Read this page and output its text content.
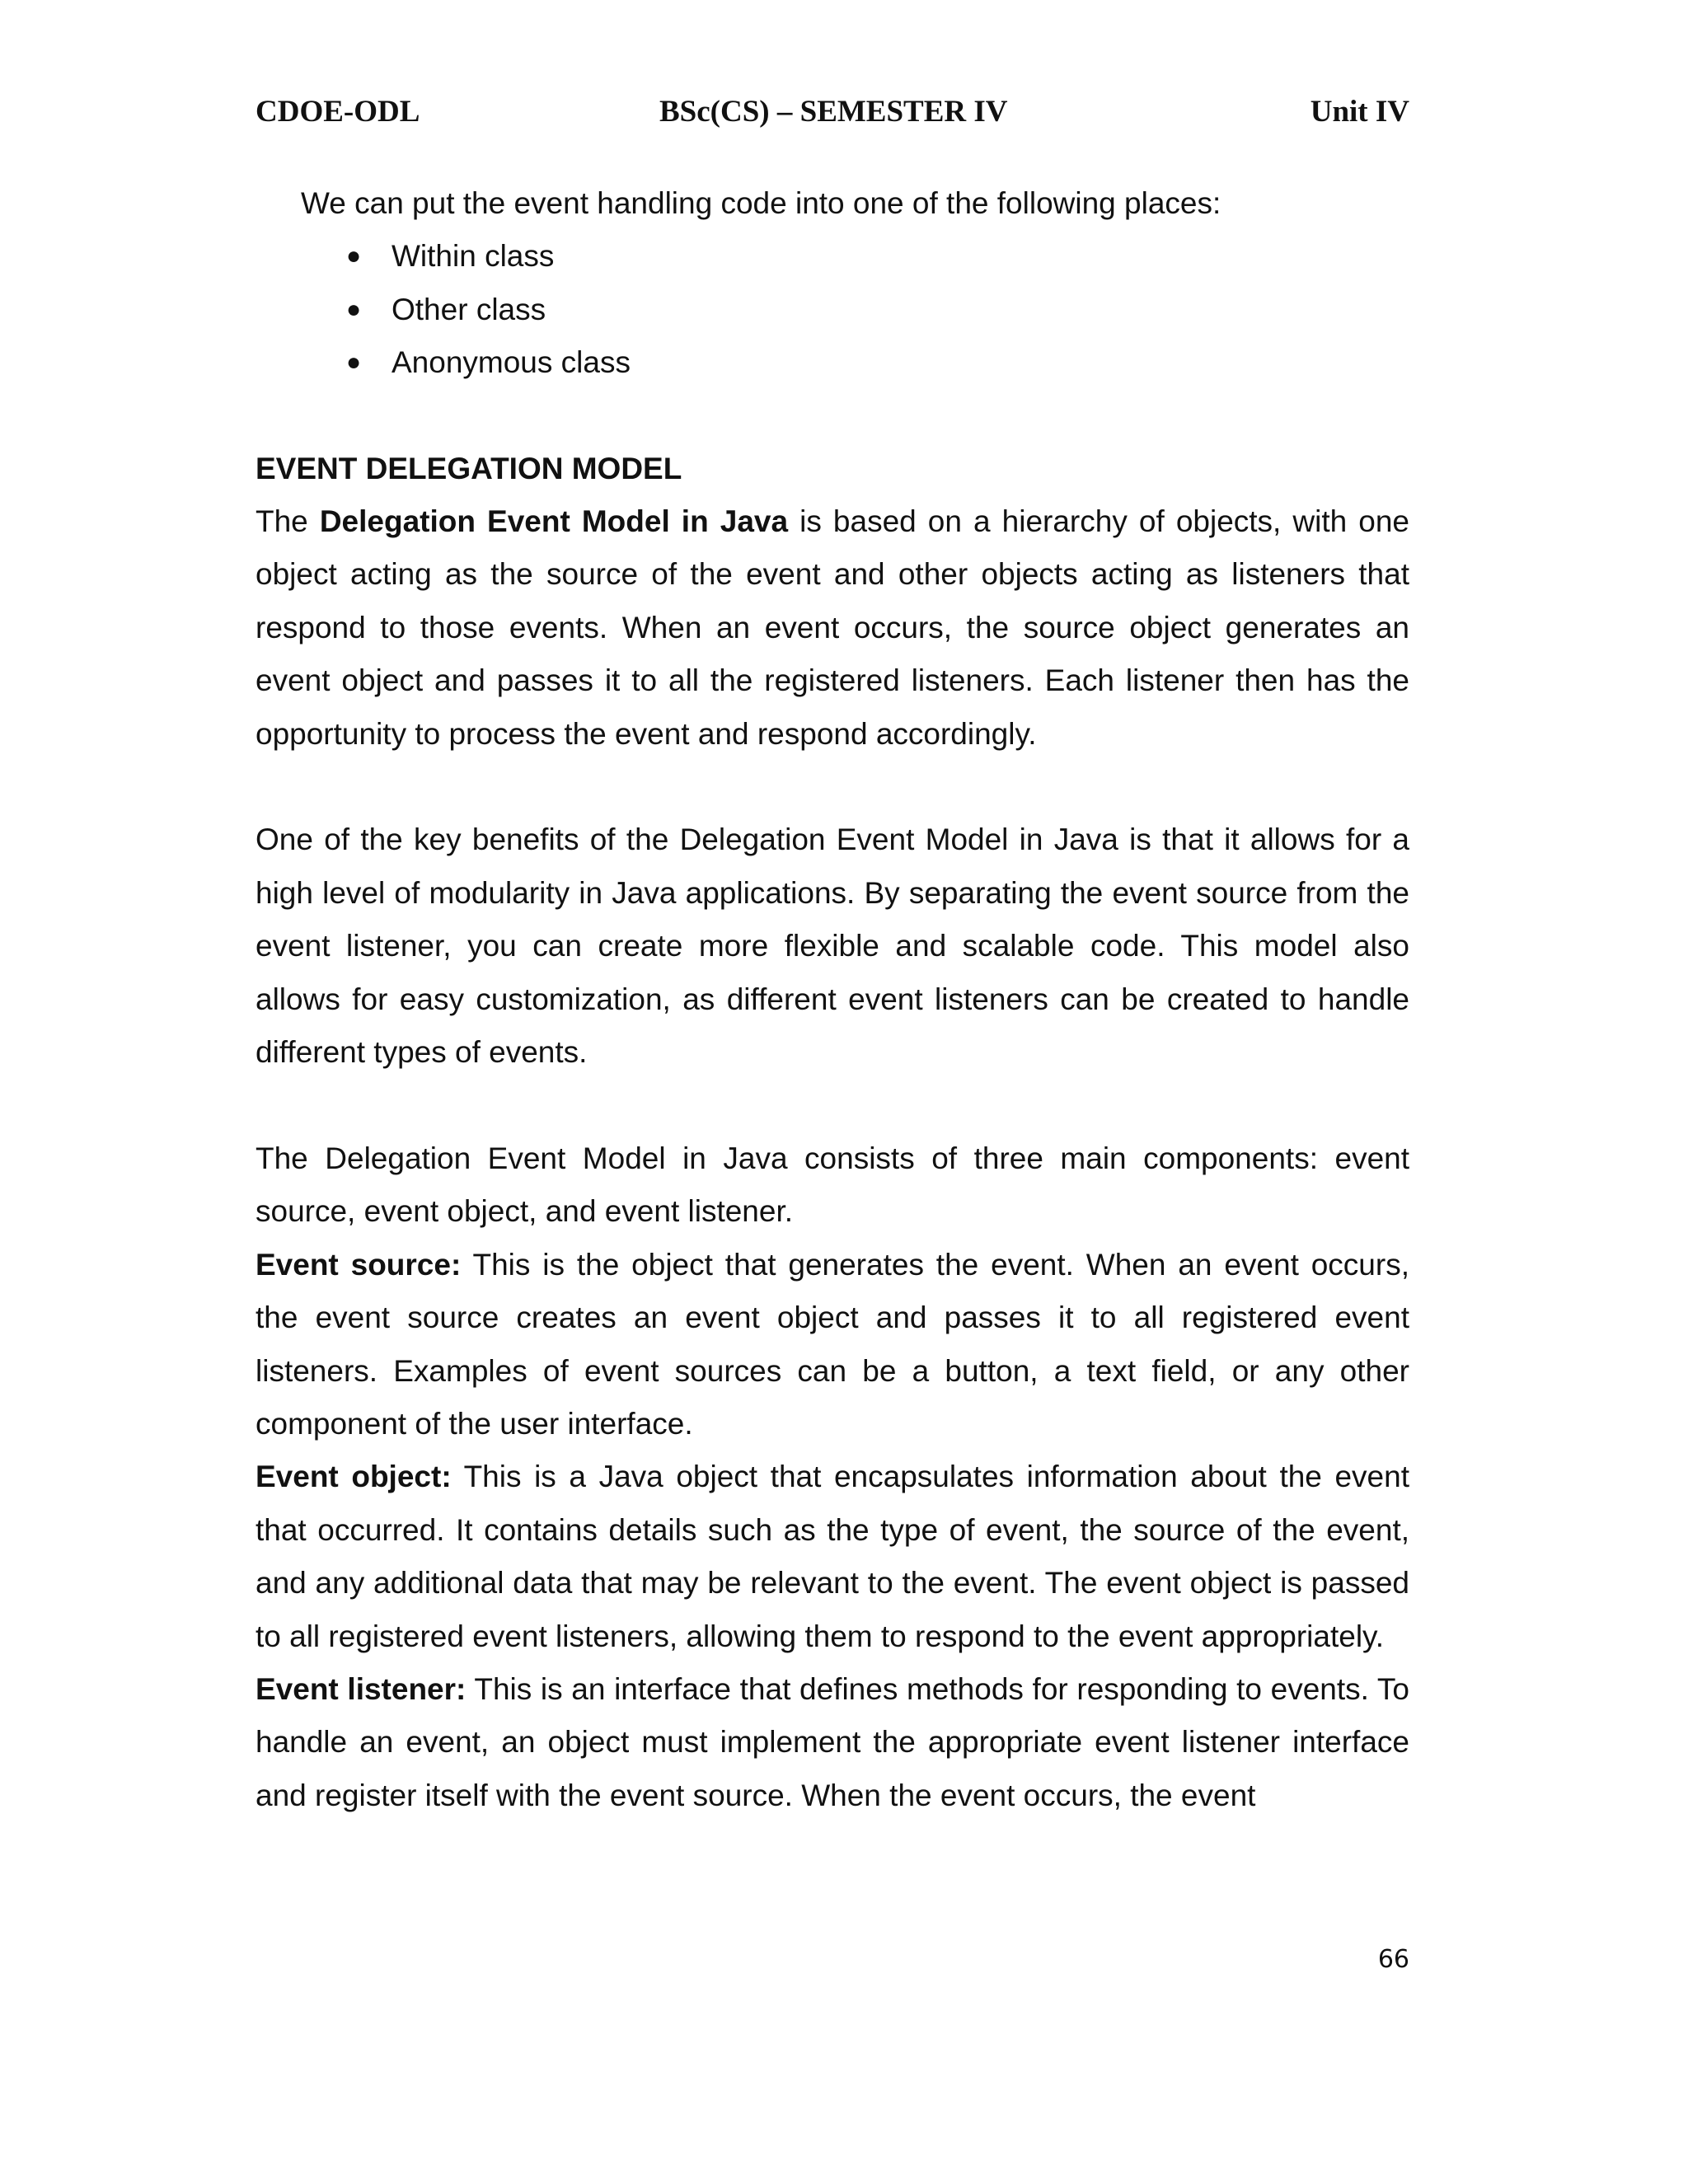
CDOE-ODL	BSc(CS) – SEMESTER IV	Unit IV

We can put the event handling code into one of the following places:

● Within class
● Other class
● Anonymous class

EVENT DELEGATION MODEL

The Delegation Event Model in Java is based on a hierarchy of objects, with one object acting as the source of the event and other objects acting as listeners that respond to those events. When an event occurs, the source object generates an event object and passes it to all the registered listeners. Each listener then has the opportunity to process the event and respond accordingly.

One of the key benefits of the Delegation Event Model in Java is that it allows for a high level of modularity in Java applications. By separating the event source from the event listener, you can create more flexible and scalable code. This model also allows for easy customization, as different event listeners can be created to handle different types of events.

The Delegation Event Model in Java consists of three main components: event source, event object, and event listener.

Event source: This is the object that generates the event. When an event occurs, the event source creates an event object and passes it to all registered event listeners. Examples of event sources can be a button, a text field, or any other component of the user interface.

Event object: This is a Java object that encapsulates information about the event that occurred. It contains details such as the type of event, the source of the event, and any additional data that may be relevant to the event. The event object is passed to all registered event listeners, allowing them to respond to the event appropriately.

Event listener: This is an interface that defines methods for responding to events. To handle an event, an object must implement the appropriate event listener interface and register itself with the event source. When the event occurs, the event

66
